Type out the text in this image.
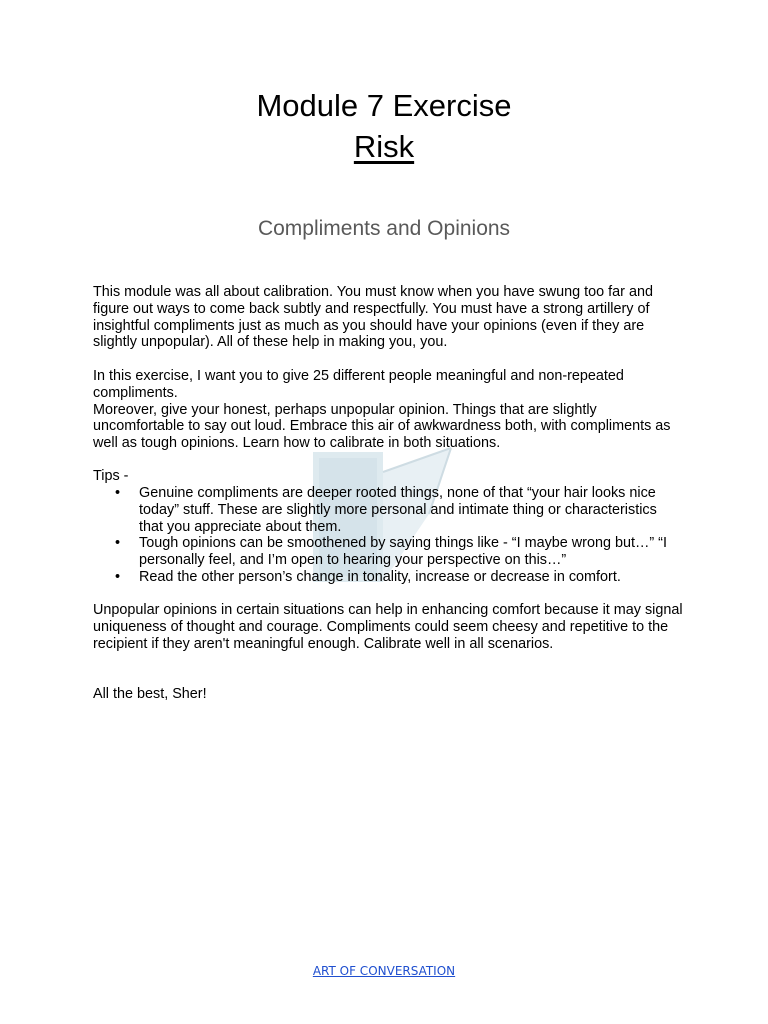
Module 7 Exercise
Risk
Compliments and Opinions

This module was all about calibration. You must know when you have swung too far and figure out ways to come back subtly and respectfully. You must have a strong artillery of insightful compliments just as much as you should have your opinions (even if they are slightly unpopular). All of these help in making you, you.

In this exercise, I want you to give 25 different people meaningful and non-repeated compliments.
Moreover, give your honest, perhaps unpopular opinion. Things that are slightly uncomfortable to say out loud. Embrace this air of awkwardness both, with compliments as well as tough opinions. Learn how to calibrate in both situations.

Tips -

• Genuine compliments are deeper rooted things, none of that “your hair looks nice today” stuff. These are slightly more personal and intimate thing or characteristics that you appreciate about them.
• Tough opinions can be smoothened by saying things like - “I maybe wrong but…” “I personally feel, and I’m open to hearing your perspective on this…”
• Read the other person’s change in tonality, increase or decrease in comfort.

Unpopular opinions in certain situations can help in enhancing comfort because it may signal uniqueness of thought and courage. Compliments could seem cheesy and repetitive to the recipient if they aren't meaningful enough. Calibrate well in all scenarios.

All the best, Sher!

ART OF CONVERSATION
